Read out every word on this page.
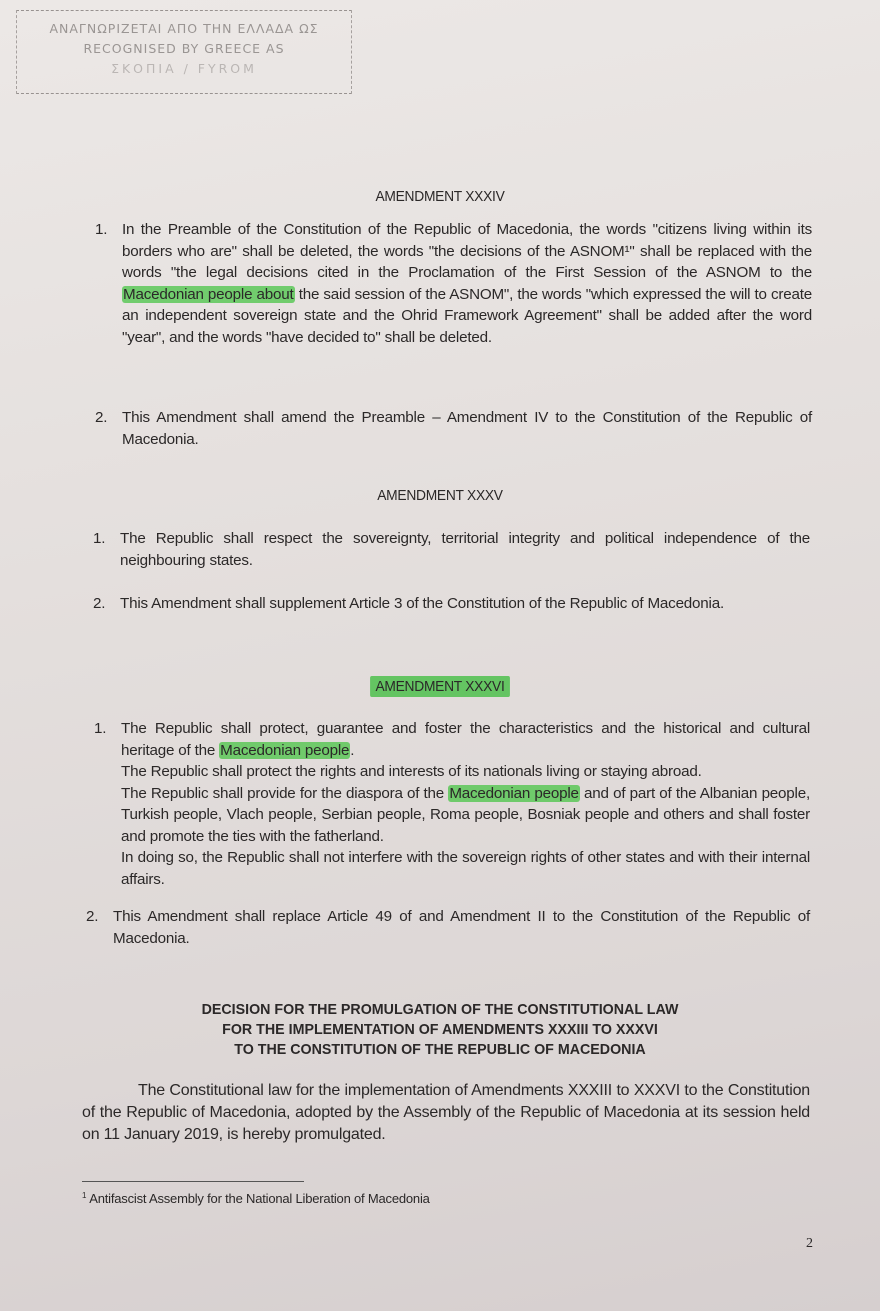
ΑΝΑΓΝΩΡΙΖΕΤΑΙ ΑΠΟ ΤΗΝ ΕΛΛΑΔΑ ΩΣ
RECOGNISED BY GREECE AS
ΣΚΟΠΙΑ / FYROM
AMENDMENT XXXIV
1. In the Preamble of the Constitution of the Republic of Macedonia, the words "citizens living within its borders who are" shall be deleted, the words "the decisions of the ASNOM¹" shall be replaced with the words "the legal decisions cited in the Proclamation of the First Session of the ASNOM to the Macedonian people about the said session of the ASNOM", the words "which expressed the will to create an independent sovereign state and the Ohrid Framework Agreement" shall be added after the word "year", and the words "have decided to" shall be deleted.
2. This Amendment shall amend the Preamble – Amendment IV to the Constitution of the Republic of Macedonia.
AMENDMENT XXXV
1. The Republic shall respect the sovereignty, territorial integrity and political independence of the neighbouring states.
2. This Amendment shall supplement Article 3 of the Constitution of the Republic of Macedonia.
AMENDMENT XXXVI
1. The Republic shall protect, guarantee and foster the characteristics and the historical and cultural heritage of the Macedonian people.
The Republic shall protect the rights and interests of its nationals living or staying abroad.
The Republic shall provide for the diaspora of the Macedonian people and of part of the Albanian people, Turkish people, Vlach people, Serbian people, Roma people, Bosniak people and others and shall foster and promote the ties with the fatherland.
In doing so, the Republic shall not interfere with the sovereign rights of other states and with their internal affairs.
2. This Amendment shall replace Article 49 of and Amendment II to the Constitution of the Republic of Macedonia.
DECISION FOR THE PROMULGATION OF THE CONSTITUTIONAL LAW
FOR THE IMPLEMENTATION OF AMENDMENTS XXXIII TO XXXVI
TO THE CONSTITUTION OF THE REPUBLIC OF MACEDONIA
The Constitutional law for the implementation of Amendments XXXIII to XXXVI to the Constitution of the Republic of Macedonia, adopted by the Assembly of the Republic of Macedonia at its session held on 11 January 2019, is hereby promulgated.
$^1$ Antifascist Assembly for the National Liberation of Macedonia
2
